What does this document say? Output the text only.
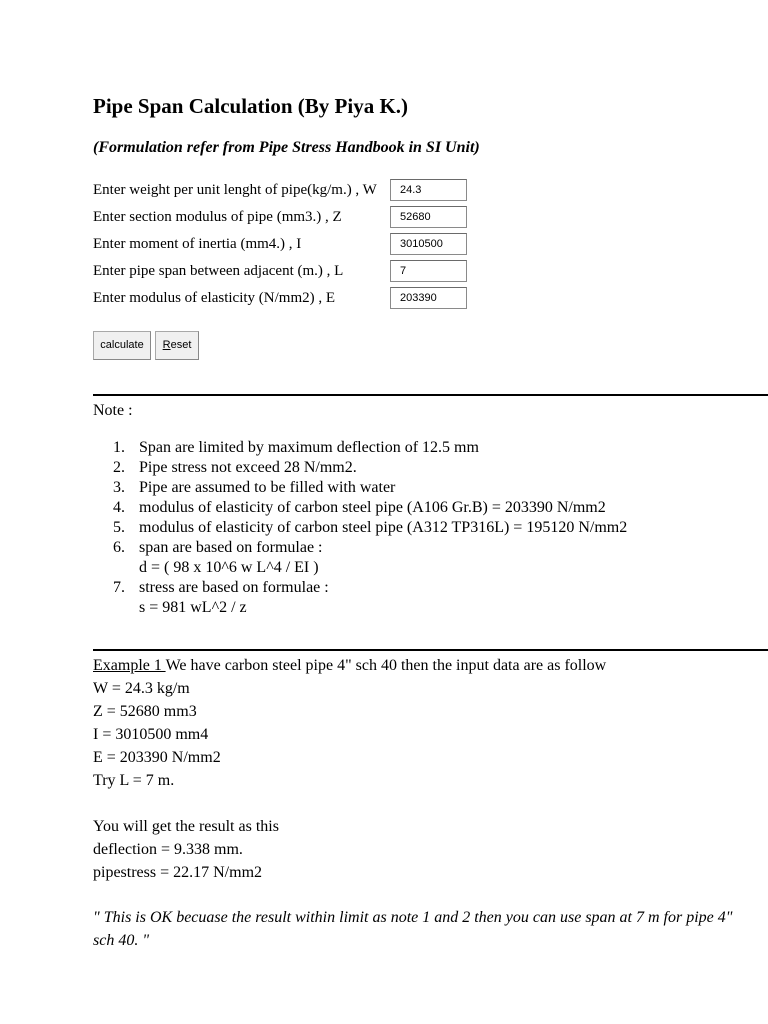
Pipe Span Calculation (By Piya K.)

(Formulation refer from Pipe Stress Handbook in SI Unit)

Enter weight per unit lenght of pipe(kg/m.) , W
24.3
Enter section modulus of pipe (mm3.) , Z
52680
Enter moment of inertia (mm4.) , I
3010500
Enter pipe span between adjacent (m.) , L
7
Enter modulus of elasticity (N/mm2) , E
203390
calculate	Reset
Note :
1. Span are limited by maximum deflection of 12.5 mm
2. Pipe stress not exceed 28 N/mm2.
3. Pipe are assumed to be filled with water
4. modulus of elasticity of carbon steel pipe (A106 Gr.B) = 203390 N/mm2
5. modulus of elasticity of carbon steel pipe (A312 TP316L) = 195120 N/mm2
6. span are based on formulae :
d = ( 98 x 10^6 w L^4 / EI )
7. stress are based on formulae :
s = 981 wL^2 / z
Example 1 We have carbon steel pipe 4" sch 40 then the input data are as follow
W = 24.3 kg/m
Z = 52680 mm3
I = 3010500 mm4
E = 203390 N/mm2
Try L = 7 m.
You will get the result as this
deflection = 9.338 mm.
pipestress = 22.17 N/mm2

" This is OK becuase the result within limit as note 1 and 2 then you can use span at 7 m for pipe 4" sch 40. "
